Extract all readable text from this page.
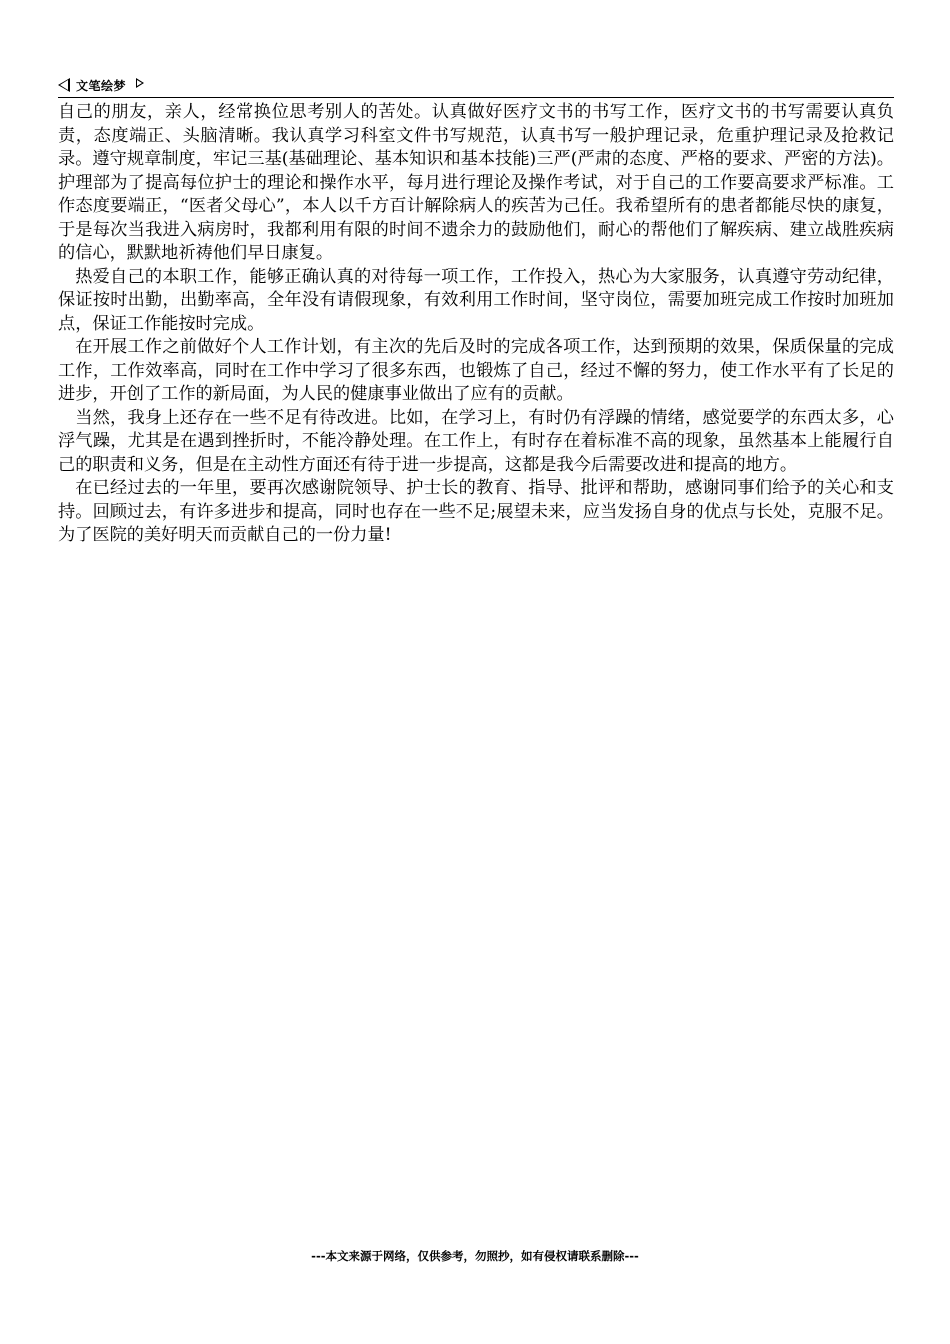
文笔绘梦

自己的朋友，亲人，经常换位思考别人的苦处。认真做好医疗文书的书写工作，医疗文书的书写需要认真负责，态度端正、头脑清晰。我认真学习科室文件书写规范，认真书写一般护理记录，危重护理记录及抢救记录。遵守规章制度，牢记三基(基础理论、基本知识和基本技能)三严(严肃的态度、严格的要求、严密的方法)。护理部为了提高每位护士的理论和操作水平，每月进行理论及操作考试，对于自己的工作要高要求严标准。工作态度要端正，“医者父母心”，本人以千方百计解除病人的疾苦为己任。我希望所有的患者都能尽快的康复，于是每次当我进入病房时，我都利用有限的时间不遗余力的鼓励他们，耐心的帮他们了解疾病、建立战胜疾病的信心，默默地祈祷他们早日康复。

热爱自己的本职工作，能够正确认真的对待每一项工作，工作投入，热心为大家服务，认真遵守劳动纪律，保证按时出勤，出勤率高，全年没有请假现象，有效利用工作时间，坚守岗位，需要加班完成工作按时加班加点，保证工作能按时完成。

在开展工作之前做好个人工作计划，有主次的先后及时的完成各项工作，达到预期的效果，保质保量的完成工作，工作效率高，同时在工作中学习了很多东西，也锻炼了自己，经过不懈的努力，使工作水平有了长足的进步，开创了工作的新局面，为人民的健康事业做出了应有的贡献。

当然，我身上还存在一些不足有待改进。比如，在学习上，有时仍有浮躁的情绪，感觉要学的东西太多，心浮气躁，尤其是在遇到挫折时，不能冷静处理。在工作上，有时存在着标准不高的现象，虽然基本上能履行自己的职责和义务，但是在主动性方面还有待于进一步提高，这都是我今后需要改进和提高的地方。

在已经过去的一年里，要再次感谢院领导、护士长的教育、指导、批评和帮助，感谢同事们给予的关心和支持。回顾过去，有许多进步和提高，同时也存在一些不足;展望未来，应当发扬自身的优点与长处，克服不足。为了医院的美好明天而贡献自己的一份力量!

---本文来源于网络，仅供参考，勿照抄，如有侵权请联系删除---
